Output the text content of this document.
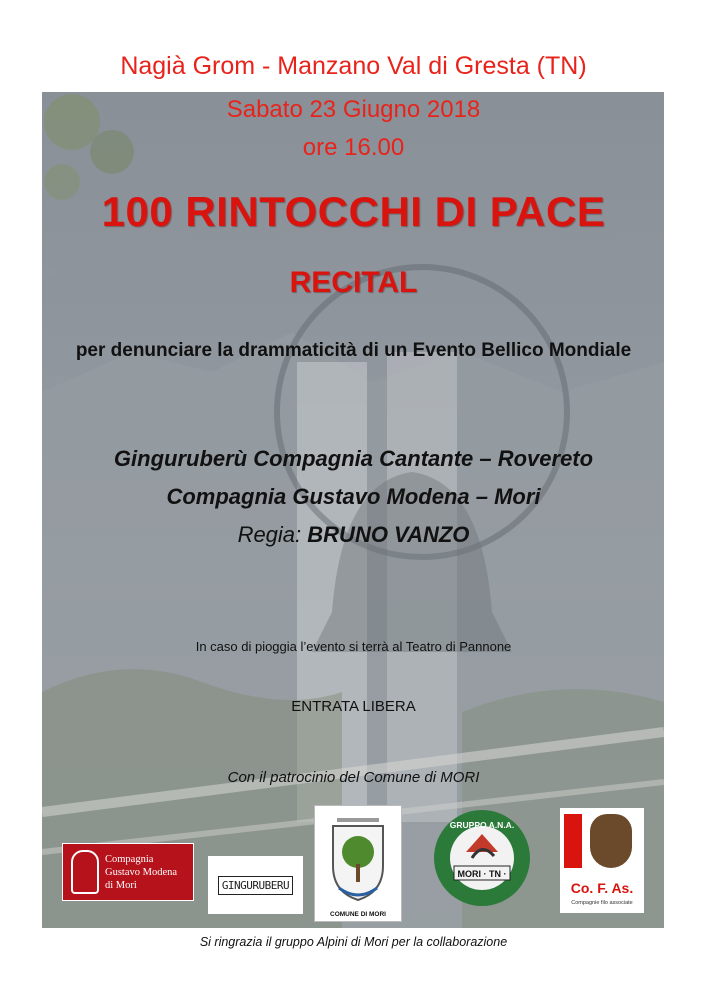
Nagià Grom - Manzano Val di Gresta (TN)

Sabato 23 Giugno 2018

ore 16.00

100 RINTOCCHI DI PACE

RECITAL

per denunciare la drammaticità di un Evento Bellico Mondiale

Ginguruberù Compagnia Cantante – Rovereto

Compagnia Gustavo Modena – Mori

Regia: BRUNO VANZO

In caso di pioggia l’evento si terrà al Teatro di Pannone

ENTRATA LIBERA

Con il patrocinio del Comune di MORI

Compagnia
Gustavo Modena
di Mori	GINGURUBERU
COMUNE DI MORI
GRUPPO A.N.A.
MORI · TN ·
Co. F. As.
Compagnie filo associate

Si ringrazia il gruppo Alpini di Mori per la collaborazione
